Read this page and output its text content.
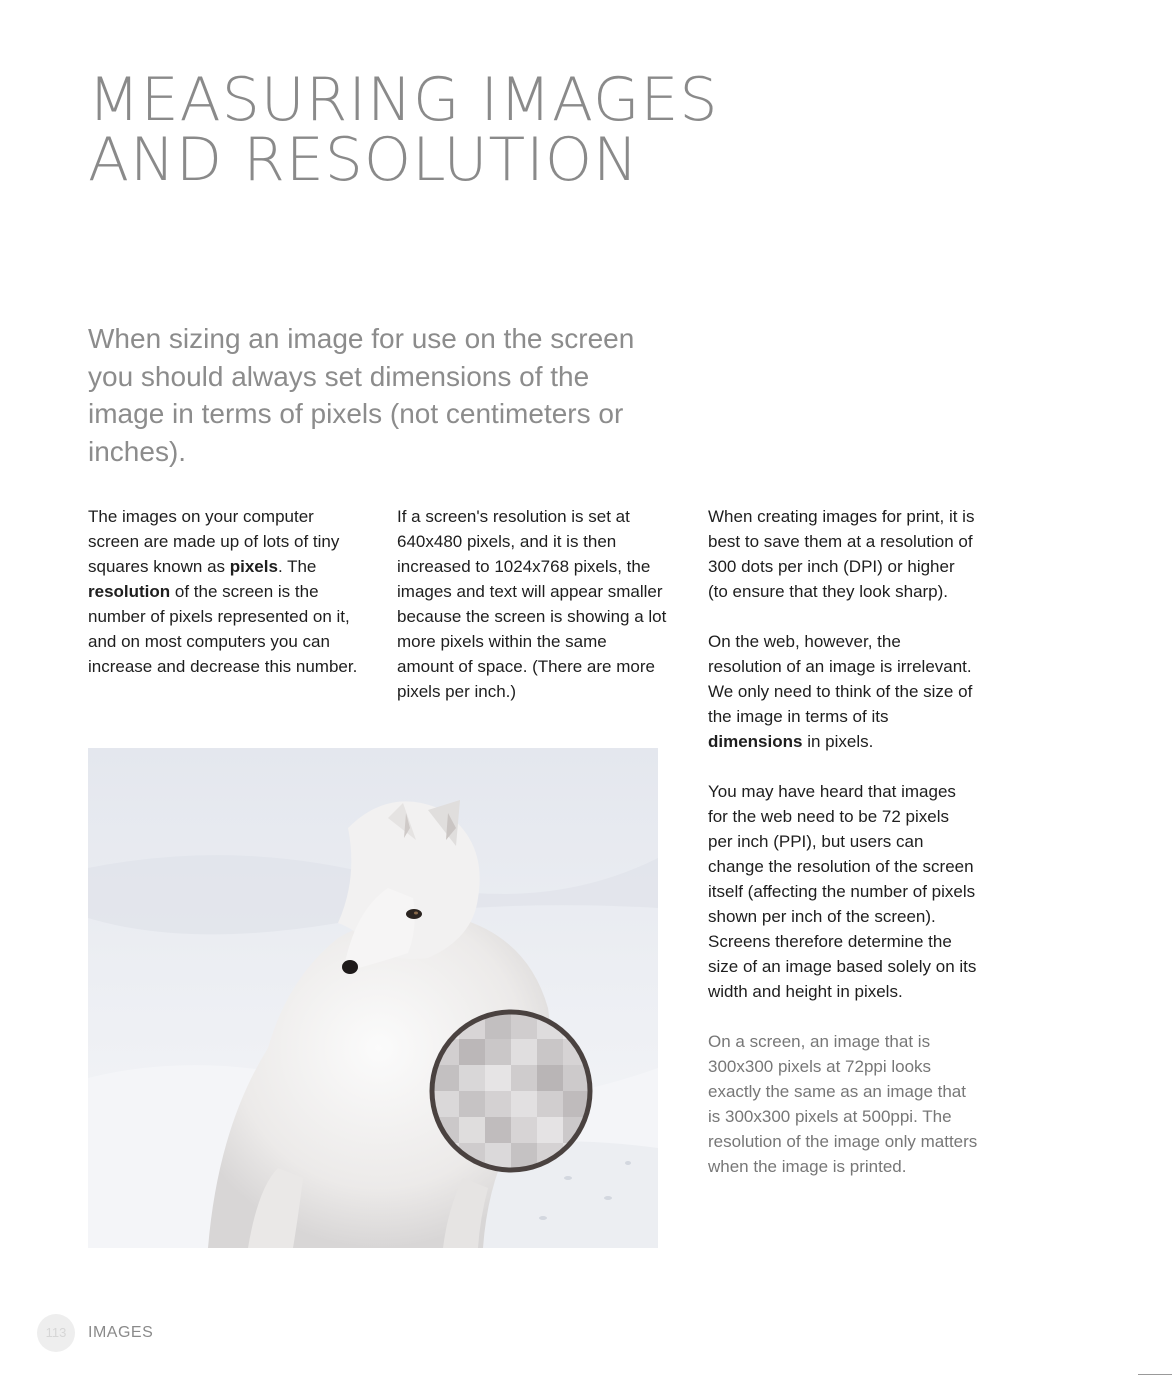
MEASURING IMAGES
AND RESOLUTION

When sizing an image for use on the screen you should always set dimensions of the image in terms of pixels (not centimeters or inches).

The images on your computer screen are made up of lots of tiny squares known as pixels. The resolution of the screen is the number of pixels represented on it, and on most computers you can increase and decrease this number.

If a screen's resolution is set at 640x480 pixels, and it is then increased to 1024x768 pixels, the images and text will appear smaller because the screen is showing a lot more pixels within the same amount of space. (There are more pixels per inch.)

When creating images for print, it is best to save them at a resolution of 300 dots per inch (DPI) or higher (to ensure that they look sharp).

On the web, however, the resolution of an image is irrelevant. We only need to think of the size of the image in terms of its dimensions in pixels.

You may have heard that images for the web need to be 72 pixels per inch (PPI), but users can change the resolution of the screen itself (affecting the number of pixels shown per inch of the screen). Screens therefore determine the size of an image based solely on its width and height in pixels.

On a screen, an image that is 300x300 pixels at 72ppi looks exactly the same as an image that is 300x300 pixels at 500ppi. The resolution of the image only matters when the image is printed.

113	IMAGES
